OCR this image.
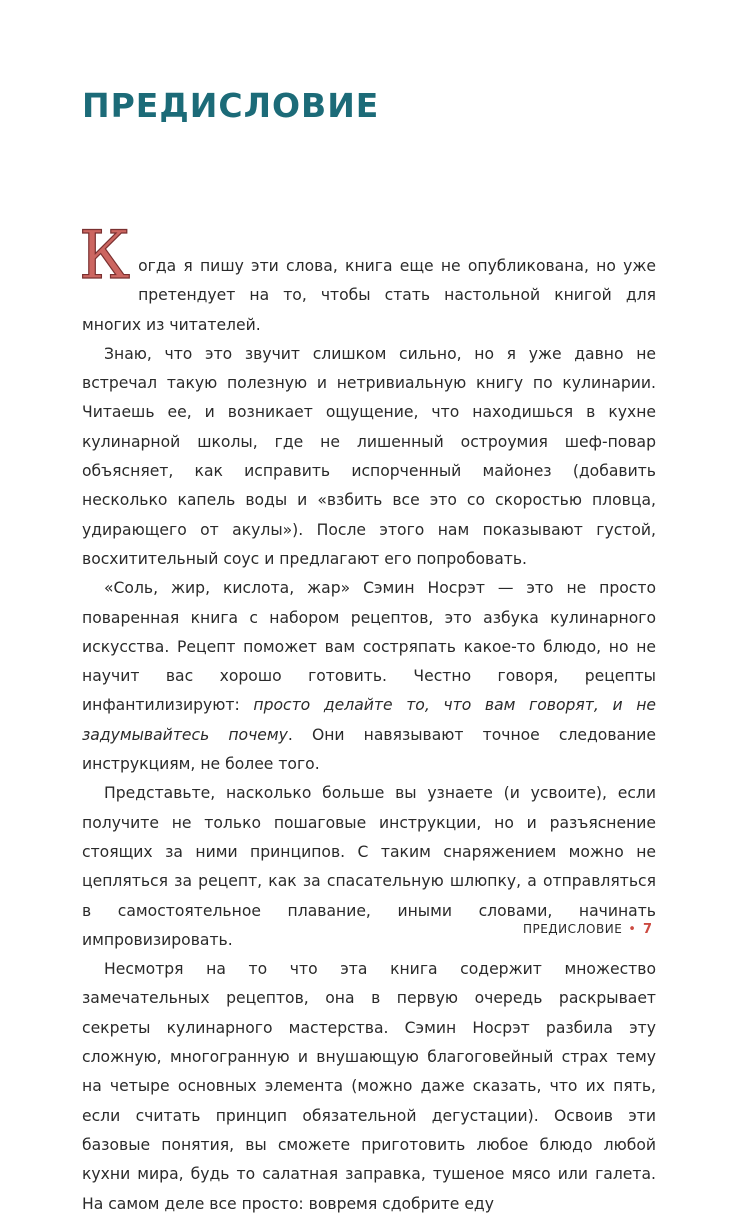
ПРЕДИСЛОВИЕ

Когда я пишу эти слова, книга еще не опубликована, но уже претендует на то, чтобы стать настольной книгой для многих из читателей.

Знаю, что это звучит слишком сильно, но я уже давно не встречал такую полезную и нетривиальную книгу по кулинарии. Читаешь ее, и возникает ощущение, что находишься в кухне кулинарной школы, где не лишенный остроумия шеф-повар объясняет, как исправить испорченный майонез (добавить несколько капель воды и «взбить все это со скоростью пловца, удирающего от акулы»). После этого нам показывают густой, восхитительный соус и предлагают его попробовать.

«Соль, жир, кислота, жар» Сэмин Носрэт — это не просто поваренная книга с набором рецептов, это азбука кулинарного искусства. Рецепт поможет вам состряпать какое-то блюдо, но не научит вас хорошо готовить. Честно говоря, рецепты инфантилизируют: просто делайте то, что вам говорят, и не задумывайтесь почему. Они навязывают точное следование инструкциям, не более того.

Представьте, насколько больше вы узнаете (и усвоите), если получите не только пошаговые инструкции, но и разъяснение стоящих за ними принципов. С таким снаряжением можно не цепляться за рецепт, как за спасательную шлюпку, а отправляться в самостоятельное плавание, иными словами, начинать импровизировать.

Несмотря на то что эта книга содержит множество замечательных рецептов, она в первую очередь раскрывает секреты кулинарного мастерства. Сэмин Носрэт разбила эту сложную, многогранную и внушающую благоговейный страх тему на четыре основных элемента (можно даже сказать, что их пять, если считать принцип обязательной дегустации). Освоив эти базовые понятия, вы сможете приготовить любое блюдо любой кухни мира, будь то салатная заправка, тушеное мясо или галета. На самом деле все просто: вовремя сдобрите еду

ПРЕДИСЛОВИЕ • 7
